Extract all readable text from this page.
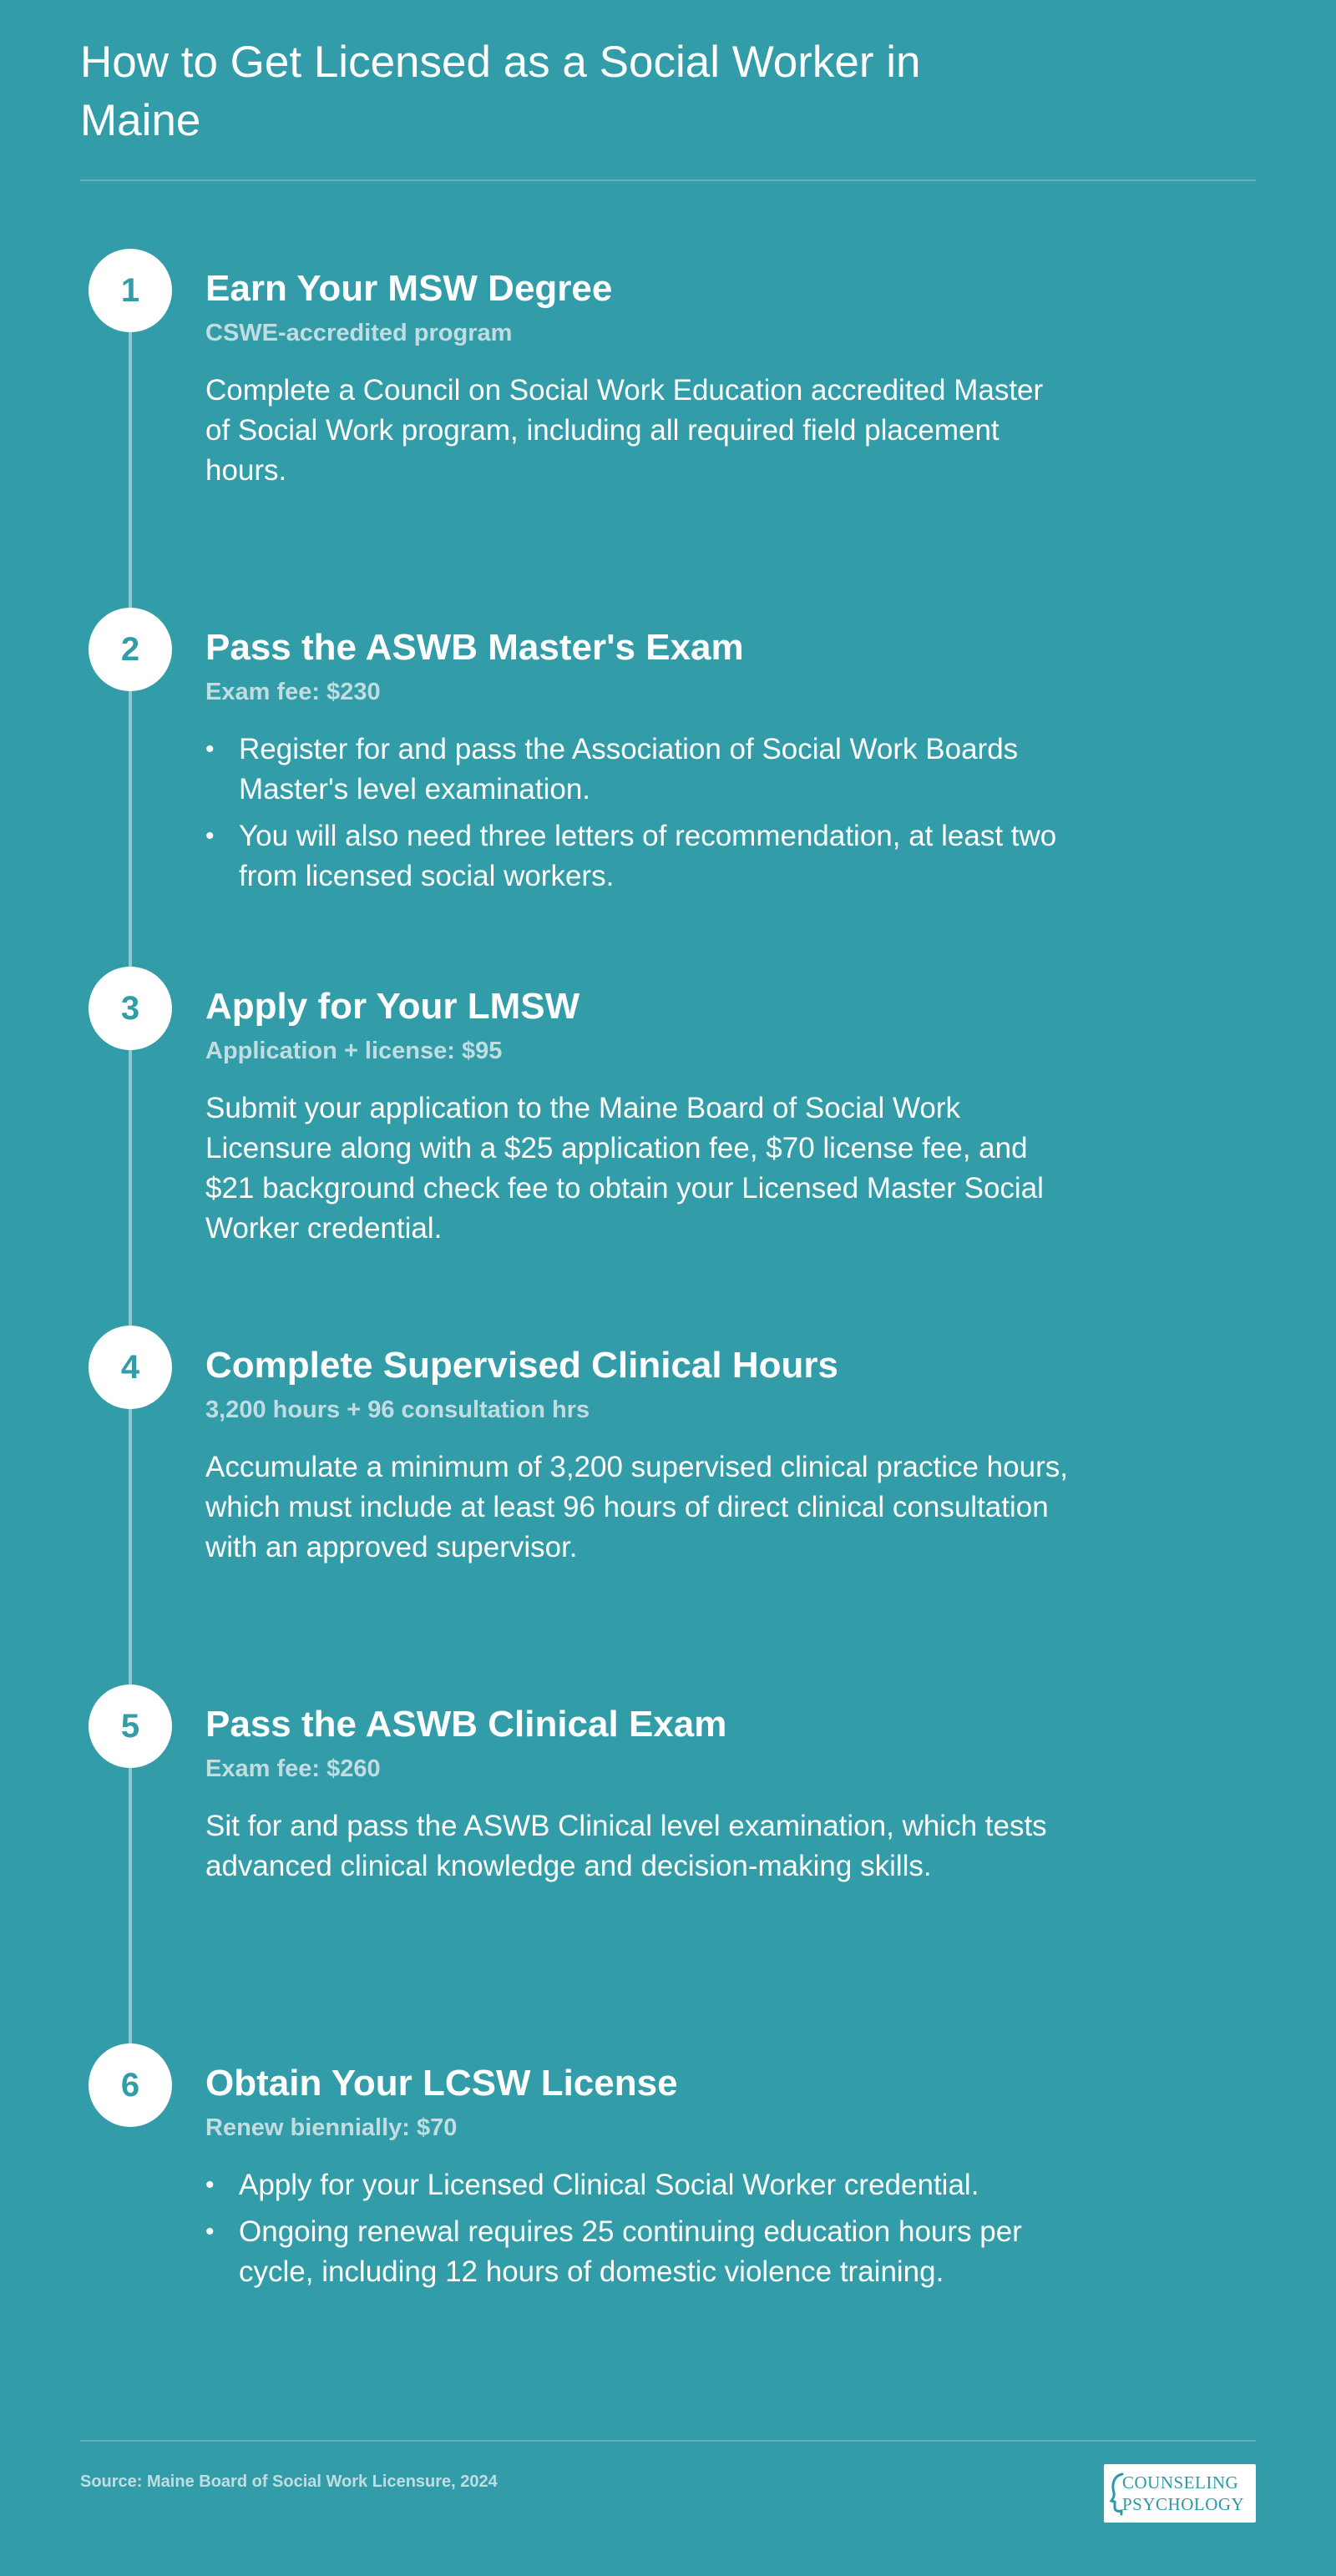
How to Get Licensed as a Social Worker in Maine
1	Earn Your MSW Degree

CSWE-accredited program

Complete a Council on Social Work Education accredited Master of Social Work program, including all required field placement hours.

2	Pass the ASWB Master's Exam

Exam fee: $230

• Register for and pass the Association of Social Work Boards Master's level examination.
• You will also need three letters of recommendation, at least two from licensed social workers.
3	Apply for Your LMSW

Application + license: $95

Submit your application to the Maine Board of Social Work Licensure along with a $25 application fee, $70 license fee, and $21 background check fee to obtain your Licensed Master Social Worker credential.

4	Complete Supervised Clinical Hours

3,200 hours + 96 consultation hrs

Accumulate a minimum of 3,200 supervised clinical practice hours, which must include at least 96 hours of direct clinical consultation with an approved supervisor.

5	Pass the ASWB Clinical Exam

Exam fee: $260

Sit for and pass the ASWB Clinical level examination, which tests advanced clinical knowledge and decision-making skills.

6	Obtain Your LCSW License

Renew biennially: $70

• Apply for your Licensed Clinical Social Worker credential.
• Ongoing renewal requires 25 continuing education hours per cycle, including 12 hours of domestic violence training.
Source: Maine Board of Social Work Licensure, 2024	COUNSELING
PSYCHOLOGY
